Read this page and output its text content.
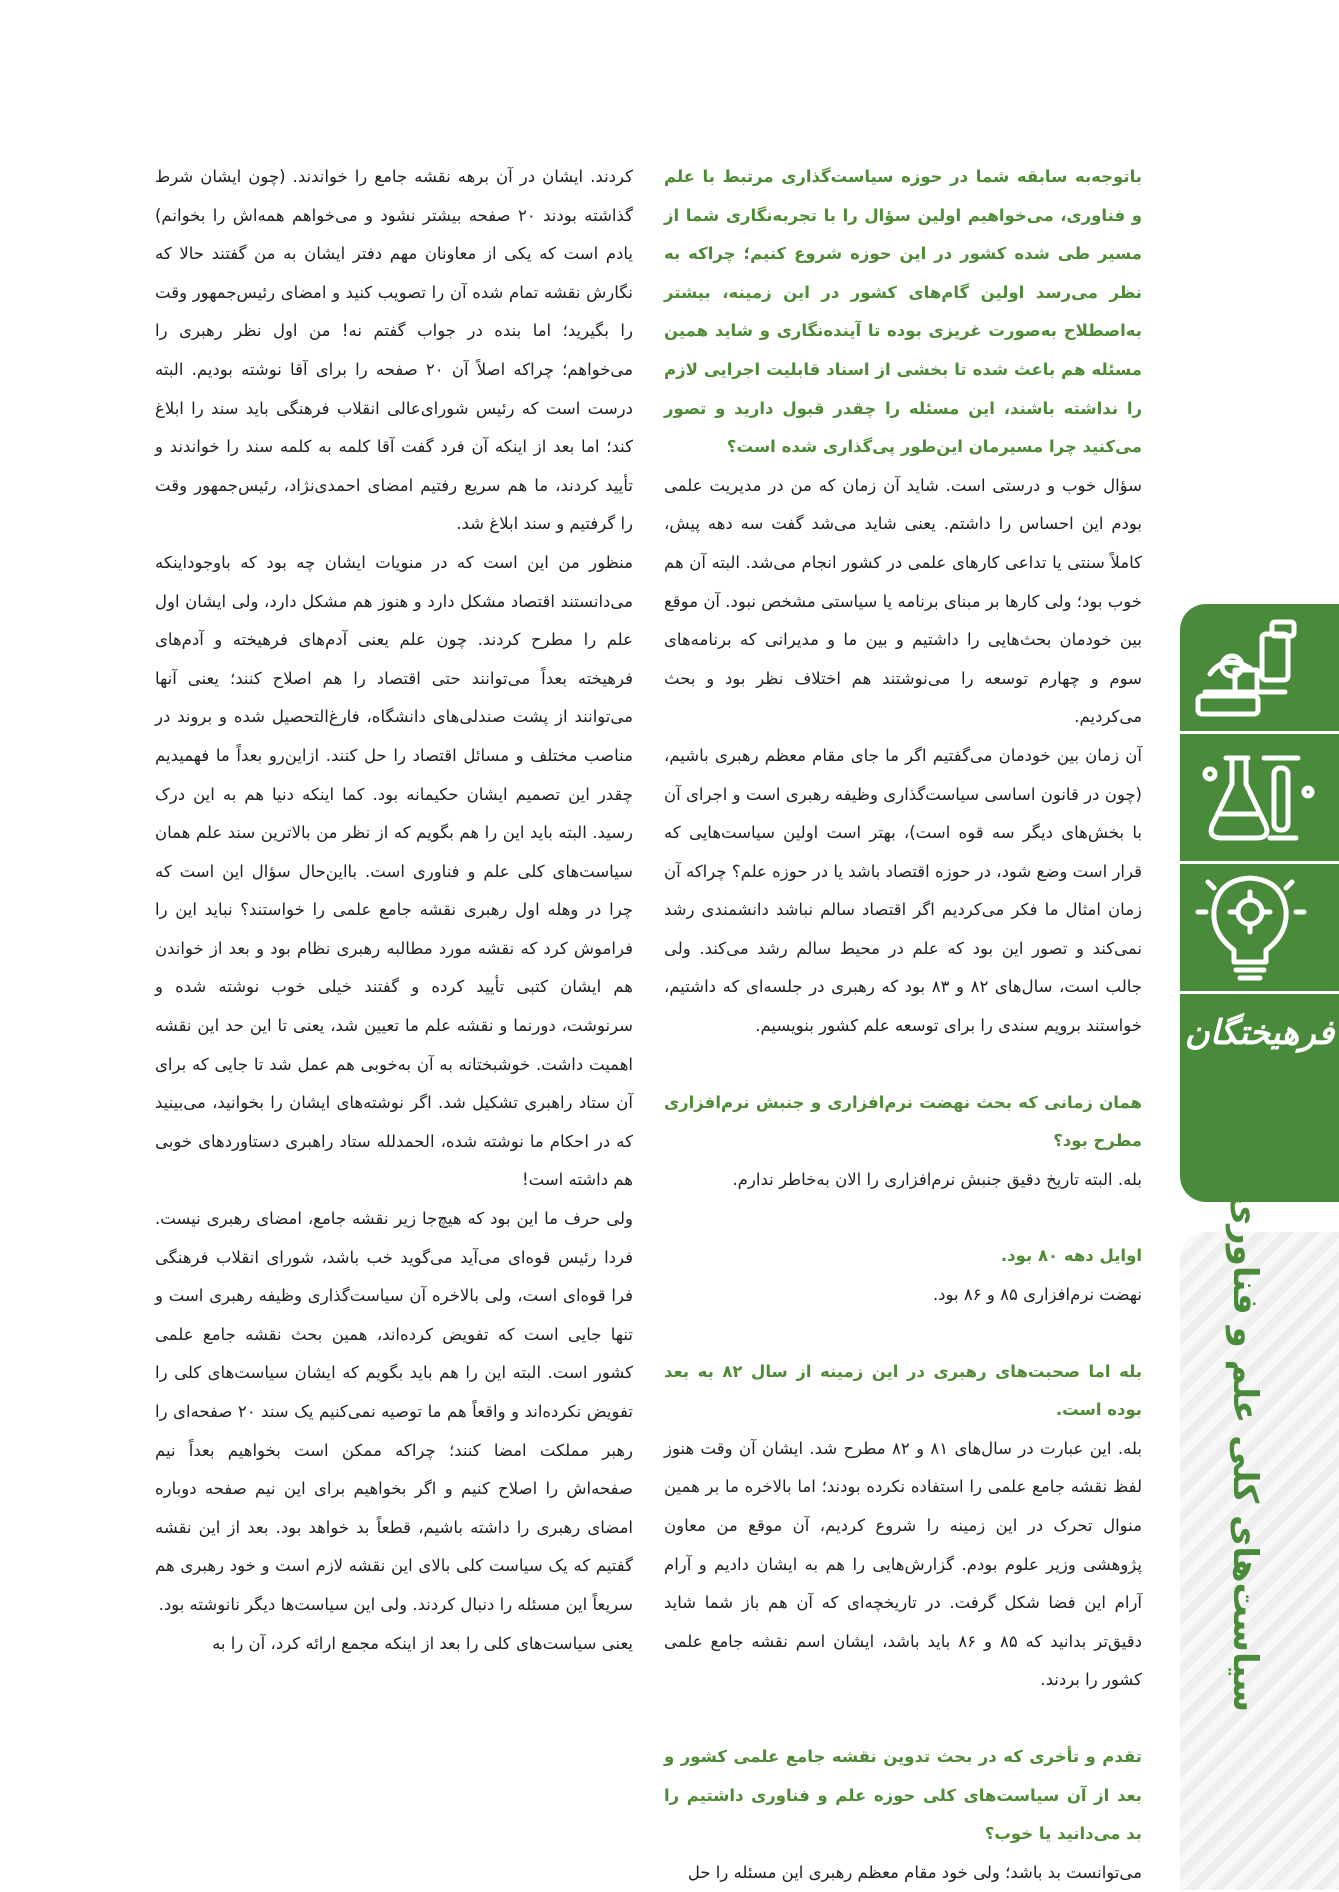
باتوجه‌به سابقه شما در حوزه سیاست‌گذاری مرتبط با علم و فناوری، می‌خواهیم اولین سؤال را با تجربه‌نگاری شما از مسیر طی شده کشور در این حوزه شروع کنیم؛ چراکه به نظر می‌رسد اولین گام‌های کشور در این زمینه، بیشتر به‌اصطلاح به‌صورت غریزی بوده تا آینده‌نگاری و شاید همین مسئله هم باعث شده تا بخشی از اسناد قابلیت اجرایی لازم را نداشته باشند، این مسئله را چقدر قبول دارید و تصور می‌کنید چرا مسیرمان این‌طور پی‌گذاری شده است؟

سؤال خوب و درستی است. شاید آن زمان که من در مدیریت علمی بودم این احساس را داشتم. یعنی شاید می‌شد گفت سه دهه پیش، کاملاً سنتی یا تداعی کارهای علمی در کشور انجام می‌شد. البته آن هم خوب بود؛ ولی کارها بر مبنای برنامه یا سیاستی مشخص نبود. آن موقع بین خودمان بحث‌هایی را داشتیم و بین ما و مدیرانی که برنامه‌های سوم و چهارم توسعه را می‌نوشتند هم اختلاف نظر بود و بحث می‌کردیم.

آن زمان بین خودمان می‌گفتیم اگر ما جای مقام معظم رهبری باشیم، (چون در قانون اساسی سیاست‌گذاری وظیفه رهبری است و اجرای آن با بخش‌های دیگر سه قوه است)، بهتر است اولین سیاست‌هایی که قرار است وضع شود، در حوزه اقتصاد باشد یا در حوزه علم؟ چراکه آن زمان امثال ما فکر می‌کردیم اگر اقتصاد سالم نباشد دانشمندی رشد نمی‌کند و تصور این بود که علم در محیط سالم رشد می‌کند. ولی جالب است، سال‌های ۸۲ و ۸۳ بود که رهبری در جلسه‌ای که داشتیم، خواستند برویم سندی را برای توسعه علم کشور بنویسیم.

همان زمانی که بحث نهضت نرم‌افزاری و جنبش نرم‌افزاری مطرح بود؟

بله. البته تاریخ دقیق جنبش نرم‌افزاری را الان به‌خاطر ندارم.

اوایل دهه ۸۰ بود.

نهضت نرم‌افزاری ۸۵ و ۸۶ بود.

بله اما صحبت‌های رهبری در این زمینه از سال ۸۲ به بعد بوده است.

بله. این عبارت در سال‌های ۸۱ و ۸۲ مطرح شد. ایشان آن وقت هنوز لفظ نقشه جامع علمی را استفاده نکرده بودند؛ اما بالاخره ما بر همین منوال تحرک در این زمینه را شروع کردیم، آن موقع من معاون پژوهشی وزیر علوم بودم. گزارش‌هایی را هم به ایشان دادیم و آرام آرام این فضا شکل گرفت. در تاریخچه‌ای که آن هم باز شما شاید دقیق‌تر بدانید که ۸۵ و ۸۶ باید باشد، ایشان اسم نقشه جامع علمی کشور را بردند.

تقدم و تأخری که در بحث تدوین نقشه جامع علمی کشور و بعد از آن سیاست‌های کلی حوزه علم و فناوری داشتیم را بد می‌دانید یا خوب؟

می‌توانست بد باشد؛ ولی خود مقام معظم رهبری این مسئله را حل

کردند. ایشان در آن برهه نقشه جامع را خواندند. (چون ایشان شرط گذاشته بودند ۲۰ صفحه بیشتر نشود و می‌خواهم همه‌اش را بخوانم) یادم است که یکی از معاونان مهم دفتر ایشان به من گفتند حالا که نگارش نقشه تمام شده آن را تصویب کنید و امضای رئیس‌جمهور وقت را بگیرید؛ اما بنده در جواب گفتم نه! من اول نظر رهبری را می‌خواهم؛ چراکه اصلاً آن ۲۰ صفحه را برای آقا نوشته بودیم. البته درست است که رئیس شورای‌عالی انقلاب فرهنگی باید سند را ابلاغ کند؛ اما بعد از اینکه آن فرد گفت آقا کلمه به کلمه سند را خواندند و تأیید کردند، ما هم سریع رفتیم امضای احمدی‌نژاد، رئیس‌جمهور وقت را گرفتیم و سند ابلاغ شد.

منظور من این است که در منویات ایشان چه بود که باوجوداینکه می‌دانستند اقتصاد مشکل دارد و هنوز هم مشکل دارد، ولی ایشان اول علم را مطرح کردند. چون علم یعنی آدم‌های فرهیخته و آدم‌های فرهیخته بعداً می‌توانند حتی اقتصاد را هم اصلاح کنند؛ یعنی آنها می‌توانند از پشت صندلی‌های دانشگاه، فارغ‌التحصیل شده و بروند در مناصب مختلف و مسائل اقتصاد را حل کنند. ازاین‌رو بعداً ما فهمیدیم چقدر این تصمیم ایشان حکیمانه بود. کما اینکه دنیا هم به این درک رسید. البته باید این را هم بگویم که از نظر من بالاترین سند علم همان سیاست‌های کلی علم و فناوری است. بااین‌حال سؤال این است که چرا در وهله اول رهبری نقشه جامع علمی را خواستند؟ نباید این را فراموش کرد که نقشه مورد مطالبه رهبری نظام بود و بعد از خواندن هم ایشان کتبی تأیید کرده و گفتند خیلی خوب نوشته شده و سرنوشت، دورنما و نقشه علم ما تعیین شد، یعنی تا این حد این نقشه اهمیت داشت. خوشبختانه به آن به‌خوبی هم عمل شد تا جایی که برای آن ستاد راهبری تشکیل شد. اگر نوشته‌های ایشان را بخوانید، می‌بینید که در احکام ما نوشته شده، الحمدلله ستاد راهبری دستاوردهای خوبی هم داشته است!

ولی حرف ما این بود که هیچ‌جا زیر نقشه جامع، امضای رهبری نیست. فردا رئیس قوه‌ای می‌آید می‌گوید خب باشد، شورای انقلاب فرهنگی فرا قوه‌ای است، ولی بالاخره آن سیاست‌گذاری وظیفه رهبری است و تنها جایی است که تفویض کرده‌اند، همین بحث نقشه جامع علمی کشور است. البته این را هم باید بگویم که ایشان سیاست‌های کلی را تفویض نکرده‌اند و واقعاً هم ما توصیه نمی‌کنیم یک سند ۲۰ صفحه‌ای را رهبر مملکت امضا کنند؛ چراکه ممکن است بخواهیم بعداً نیم صفحه‌اش را اصلاح کنیم و اگر بخواهیم برای این نیم صفحه دوباره امضای رهبری را داشته باشیم، قطعاً بد خواهد بود. بعد از این نقشه گفتیم که یک سیاست کلی بالای این نقشه لازم است و خود رهبری هم سریعاً این مسئله را دنبال کردند. ولی این سیاست‌ها دیگر نانوشته بود.

یعنی سیاست‌های کلی را بعد از اینکه مجمع ارائه کرد، آن را به

فرهیختگان
۳۶۰
سیاست‌های کلی علم و فناوری
